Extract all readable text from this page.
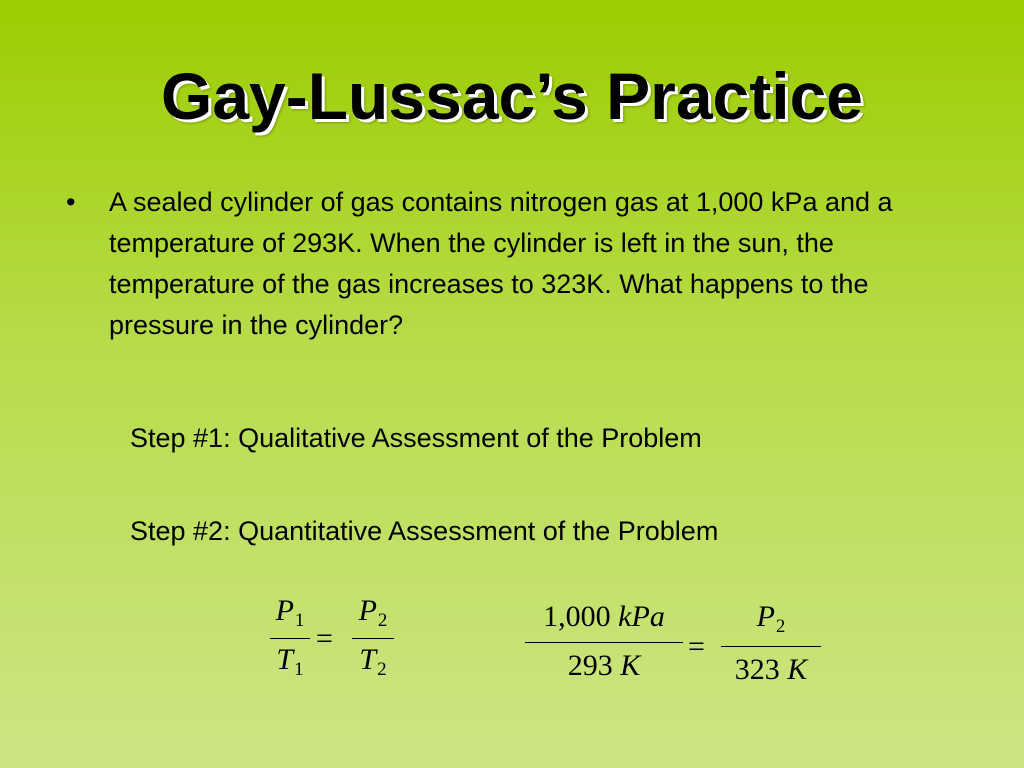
Gay-Lussac’s Practice
• A sealed cylinder of gas contains nitrogen gas at 1,000 kPa and a temperature of 293K. When the cylinder is left in the sun, the temperature of the gas increases to 323K. What happens to the pressure in the cylinder?
Step #1: Qualitative Assessment of the Problem
Step #2: Quantitative Assessment of the Problem
$P_1$
$T_1$
=
$P_2$
$T_2$
1,000 kPa
293 K
=
$P_2$
323 K
